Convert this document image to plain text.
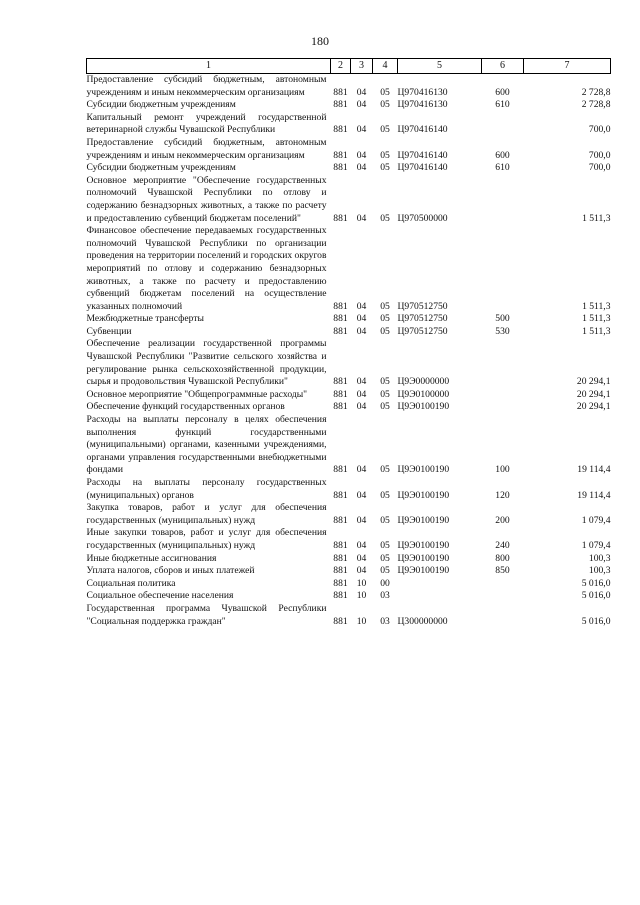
180
1	2	3	4	5	6	7
Предоставление субсидий бюджетным, автономным учреждениям и иным некоммерческим организациям	881	04	05	Ц970416130	600	2 728,8
Субсидии бюджетным учреждениям	881	04	05	Ц970416130	610	2 728,8
Капитальный ремонт учреждений государственной ветеринарной службы Чувашской Республики	881	04	05	Ц970416140		700,0
Предоставление субсидий бюджетным, автономным учреждениям и иным некоммерческим организациям	881	04	05	Ц970416140	600	700,0
Субсидии бюджетным учреждениям	881	04	05	Ц970416140	610	700,0
Основное мероприятие "Обеспечение государственных полномочий Чувашской Республики по отлову и содержанию безнадзорных животных, а также по расчету и предоставлению субвенций бюджетам поселений"	881	04	05	Ц970500000		1 511,3
Финансовое обеспечение передаваемых государственных полномочий Чувашской Республики по организации проведения на территории поселений и городских округов мероприятий по отлову и содержанию безнадзорных животных, а также по расчету и предоставлению субвенций бюджетам поселений на осуществление указанных полномочий	881	04	05	Ц970512750		1 511,3
Межбюджетные трансферты	881	04	05	Ц970512750	500	1 511,3
Субвенции	881	04	05	Ц970512750	530	1 511,3
Обеспечение реализации государственной программы Чувашской Республики "Развитие сельского хозяйства и регулирование рынка сельскохозяйственной продукции, сырья и продовольствия Чувашской Республики"	881	04	05	Ц9Э0000000		20 294,1
Основное мероприятие "Общепрограммные расходы"	881	04	05	Ц9Э0100000		20 294,1
Обеспечение функций государственных органов	881	04	05	Ц9Э0100190		20 294,1
Расходы на выплаты персоналу в целях обеспечения выполнения функций государственными (муниципальными) органами, казенными учреждениями, органами управления государственными внебюджетными фондами	881	04	05	Ц9Э0100190	100	19 114,4
Расходы на выплаты персоналу государственных (муниципальных) органов	881	04	05	Ц9Э0100190	120	19 114,4
Закупка товаров, работ и услуг для обеспечения государственных (муниципальных) нужд	881	04	05	Ц9Э0100190	200	1 079,4
Иные закупки товаров, работ и услуг для обеспечения государственных (муниципальных) нужд	881	04	05	Ц9Э0100190	240	1 079,4
Иные бюджетные ассигнования	881	04	05	Ц9Э0100190	800	100,3
Уплата налогов, сборов и иных платежей	881	04	05	Ц9Э0100190	850	100,3
Социальная политика	881	10	00			5 016,0
Социальное обеспечение населения	881	10	03			5 016,0
Государственная программа Чувашской Республики "Социальная поддержка граждан"	881	10	03	Ц300000000		5 016,0
